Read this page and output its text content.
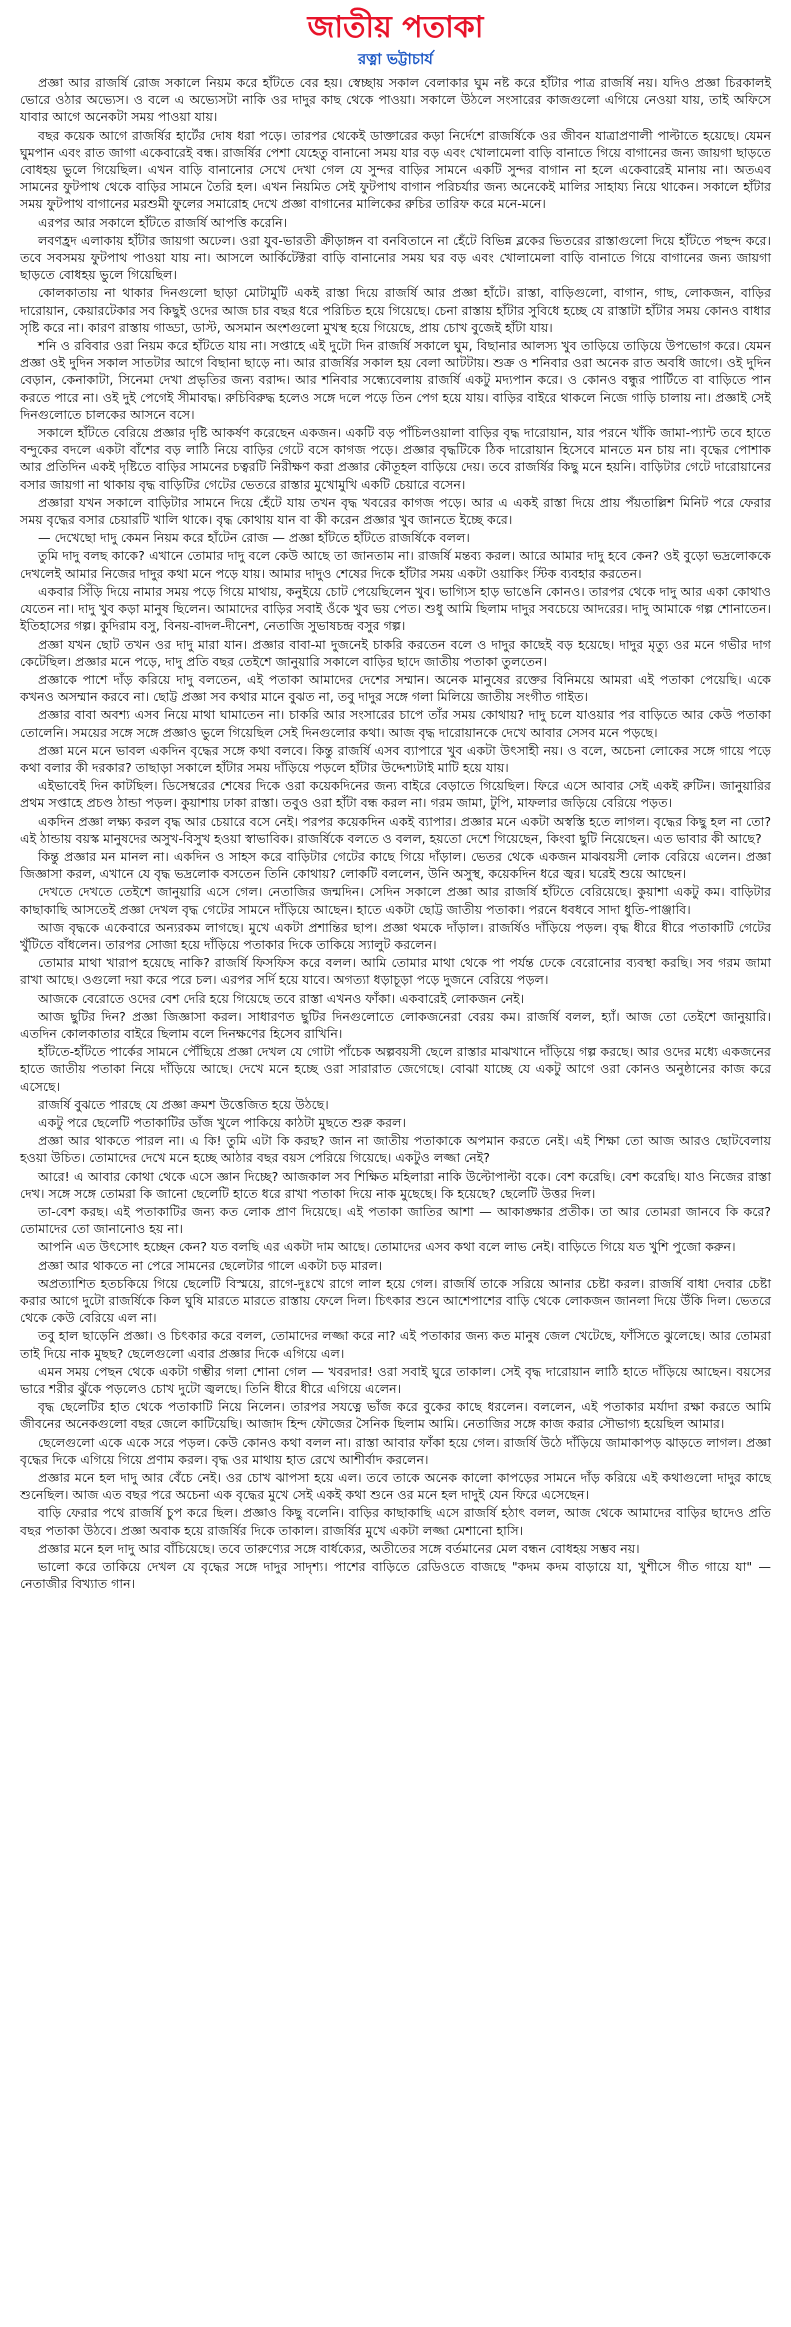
জাতীয় পতাকা
রত্না ভট্টাচার্য

প্রজ্ঞা আর রাজর্ষি রোজ সকালে নিয়ম করে হাঁটতে বের হয়। স্বেচ্ছায় সকাল বেলাকার ঘুম নষ্ট করে হাঁটার পাত্র রাজর্ষি নয়। যদিও প্রজ্ঞা চিরকালই ভোরে ওঠার অভ্যেস। ও বলে এ অভ্যেসটা নাকি ওর দাদুর কাছ থেকে পাওয়া। সকালে উঠলে সংসারের কাজগুলো এগিয়ে নেওয়া যায়, তাই অফিসে যাবার আগে অনেকটা সময় পাওয়া যায়।

বছর কয়েক আগে রাজর্ষির হার্টের দোষ ধরা পড়ে। তারপর থেকেই ডাক্তারের কড়া নির্দেশে রাজর্ষিকে ওর জীবন যাত্রাপ্রণালী পাল্টাতে হয়েছে। যেমন ঘুমপান এবং রাত জাগা একেবারেই বন্ধ। রাজর্ষির পেশা যেহেতু বানানো সময় যার বড় এবং খোলামেলা বাড়ি বানাতে গিয়ে বাগানের জন্য জায়গা ছাড়তে বোধহয় ভুলে গিয়েছিল। এখন বাড়ি বানানোর সেখে দেখা গেল যে সুন্দর বাড়ির সামনে একটি সুন্দর বাগান না হলে একেবারেই মানায় না। অতএব সামনের ফুটপাথ থেকে বাড়ির সামনে তৈরি হল। এখন নিয়মিত সেই ফুটপাথ বাগান পরিচর্যার জন্য অনেকেই মালির সাহায্য নিয়ে থাকেন। সকালে হাঁটার সময় ফুটপাথ বাগানের মরশুমী ফুলের সমারোহ দেখে প্রজ্ঞা বাগানের মালিকের রুচির তারিফ করে মনে-মনে।

এরপর আর সকালে হাঁটতে রাজর্ষি আপত্তি করেনি।

লবণহ্রদ এলাকায় হাঁটার জায়গা অঢেল। ওরা যুব-ভারতী ক্রীড়াঙ্গন বা বনবিতানে না হেঁটে বিভিন্ন ব্লকের ভিতরের রাস্তাগুলো দিয়ে হাঁটতে পছন্দ করে। তবে সবসময় ফুটপাথ পাওয়া যায় না। আসলে আর্কিটেক্টরা বাড়ি বানানোর সময় ঘর বড় এবং খোলামেলা বাড়ি বানাতে গিয়ে বাগানের জন্য জায়গা ছাড়তে বোধহয় ভুলে গিয়েছিল।

কোলকাতায় না থাকার দিনগুলো ছাড়া মোটামুটি একই রাস্তা দিয়ে রাজর্ষি আর প্রজ্ঞা হাঁটে। রাস্তা, বাড়িগুলো, বাগান, গাছ, লোকজন, বাড়ির দারোয়ান, কেয়ারটেকার সব কিছুই ওদের আজ চার বছর ধরে পরিচিত হয়ে গিয়েছে। চেনা রাস্তায় হাঁটার সুবিধে হচ্ছে যে রাস্তাটা হাঁটার সময় কোনও বাধার সৃষ্টি করে না। কারণ রাস্তায় গাড্ডা, ডাস্ট, অসমান অংশগুলো মুখস্থ হয়ে গিয়েছে, প্রায় চোখ বুজেই হাঁটা যায়।

শনি ও রবিবার ওরা নিয়ম করে হাঁটতে যায় না। সপ্তাহে এই দুটো দিন রাজর্ষি সকালে ঘুম, বিছানার আলস্য খুব তাড়িয়ে তাড়িয়ে উপভোগ করে। যেমন প্রজ্ঞা ওই দুদিন সকাল সাতটার আগে বিছানা ছাড়ে না। আর রাজর্ষির সকাল হয় বেলা আটটায়। শুক্র ও শনিবার ওরা অনেক রাত অবধি জাগে। ওই দুদিন বেড়ান, কেনাকাটা, সিনেমা দেখা প্রভৃতির জন্য বরাদ্দ। আর শনিবার সন্ধ্যেবেলায় রাজর্ষি একটু মদ্যপান করে। ও কোনও বন্ধুর পার্টিতে বা বাড়িতে পান করতে পারে না। ওই দুই পেগেই সীমাবদ্ধ। রুচিবিরুদ্ধ হলেও সঙ্গে দলে পড়ে তিন পেগ হয়ে যায়। বাড়ির বাইরে থাকলে নিজে গাড়ি চালায় না। প্রজ্ঞাই সেই দিনগুলোতে চালকের আসনে বসে।

সকালে হাঁটতে বেরিয়ে প্রজ্ঞার দৃষ্টি আকর্ষণ করেছেন একজন। একটি বড় পাঁচিলওয়ালা বাড়ির বৃদ্ধ দারোয়ান, যার পরনে খাঁকি জামা-প্যান্ট তবে হাতে বন্দুকের বদলে একটা বাঁশের বড় লাঠি নিয়ে বাড়ির গেটে বসে কাগজ পড়ে। প্রজ্ঞার বৃদ্ধটিকে ঠিক দারোয়ান হিসেবে মানতে মন চায় না। বৃদ্ধের পোশাক আর প্রতিদিন একই দৃষ্টিতে বাড়ির সামনের চত্বরটি নিরীক্ষণ করা প্রজ্ঞার কৌতূহল বাড়িয়ে দেয়। তবে রাজর্ষির কিছু মনে হয়নি। বাড়িটার গেটে দারোয়ানের বসার জায়গা না থাকায় বৃদ্ধ বাড়িটির গেটের ভেতরে রাস্তার মুখোমুখি একটি চেয়ারে বসেন।

প্রজ্ঞারা যখন সকালে বাড়িটার সামনে দিয়ে হেঁটে যায় তখন বৃদ্ধ খবরের কাগজ পড়ে। আর এ একই রাস্তা দিয়ে প্রায় পঁয়তাল্লিশ মিনিট পরে ফেরার সময় বৃদ্ধের বসার চেয়ারটি খালি থাকে। বৃদ্ধ কোথায় যান বা কী করেন প্রজ্ঞার খুব জানতে ইচ্ছে করে।

— দেখেছো দাদু কেমন নিয়ম করে হাঁটেন রোজ — প্রজ্ঞা হাঁটতে হাঁটতে রাজর্ষিকে বলল।

তুমি দাদু বলছ কাকে? এখানে তোমার দাদু বলে কেউ আছে তা জানতাম না। রাজর্ষি মন্তব্য করল। আরে আমার দাদু হবে কেন? ওই বুড়ো ভদ্রলোককে দেখলেই আমার নিজের দাদুর কথা মনে পড়ে যায়। আমার দাদুও শেষের দিকে হাঁটার সময় একটা ওয়াকিং স্টিক ব্যবহার করতেন।

একবার সিঁড়ি দিয়ে নামার সময় পড়ে গিয়ে মাথায়, কনুইয়ে চোট পেয়েছিলেন খুব। ভাগ্যিস হাড় ভাঙেনি কোনও। তারপর থেকে দাদু আর একা কোথাও যেতেন না। দাদু খুব কড়া মানুষ ছিলেন। আমাদের বাড়ির সবাই ওঁকে খুব ভয় পেত। শুধু আমি ছিলাম দাদুর সবচেয়ে আদরের। দাদু আমাকে গল্প শোনাতেন। ইতিহাসের গল্প। কুদিরাম বসু, বিনয়-বাদল-দীনেশ, নেতাজি সুভাষচন্দ্র বসুর গল্প।

প্রজ্ঞা যখন ছোট তখন ওর দাদু মারা যান। প্রজ্ঞার বাবা-মা দুজনেই চাকরি করতেন বলে ও দাদুর কাছেই বড় হয়েছে। দাদুর মৃত্যু ওর মনে গভীর দাগ কেটেছিল। প্রজ্ঞার মনে পড়ে, দাদু প্রতি বছর তেইশে জানুয়ারি সকালে বাড়ির ছাদে জাতীয় পতাকা তুলতেন।

প্রজ্ঞাকে পাশে দাঁড় করিয়ে দাদু বলতেন, এই পতাকা আমাদের দেশের সম্মান। অনেক মানুষের রক্তের বিনিময়ে আমরা এই পতাকা পেয়েছি। একে কখনও অসম্মান করবে না। ছোট্ট প্রজ্ঞা সব কথার মানে বুঝত না, তবু দাদুর সঙ্গে গলা মিলিয়ে জাতীয় সংগীত গাইত।

প্রজ্ঞার বাবা অবশ্য এসব নিয়ে মাথা ঘামাতেন না। চাকরি আর সংসারের চাপে তাঁর সময় কোথায়? দাদু চলে যাওয়ার পর বাড়িতে আর কেউ পতাকা তোলেনি। সময়ের সঙ্গে সঙ্গে প্রজ্ঞাও ভুলে গিয়েছিল সেই দিনগুলোর কথা। আজ বৃদ্ধ দারোয়ানকে দেখে আবার সেসব মনে পড়ছে।

প্রজ্ঞা মনে মনে ভাবল একদিন বৃদ্ধের সঙ্গে কথা বলবে। কিন্তু রাজর্ষি এসব ব্যাপারে খুব একটা উৎসাহী নয়। ও বলে, অচেনা লোকের সঙ্গে গায়ে পড়ে কথা বলার কী দরকার? তাছাড়া সকালে হাঁটার সময় দাঁড়িয়ে পড়লে হাঁটার উদ্দেশ্যটাই মাটি হয়ে যায়।

এইভাবেই দিন কাটছিল। ডিসেম্বরের শেষের দিকে ওরা কয়েকদিনের জন্য বাইরে বেড়াতে গিয়েছিল। ফিরে এসে আবার সেই একই রুটিন। জানুয়ারির প্রথম সপ্তাহে প্রচণ্ড ঠান্ডা পড়ল। কুয়াশায় ঢাকা রাস্তা। তবুও ওরা হাঁটা বন্ধ করল না। গরম জামা, টুপি, মাফলার জড়িয়ে বেরিয়ে পড়ত।

একদিন প্রজ্ঞা লক্ষ্য করল বৃদ্ধ আর চেয়ারে বসে নেই। পরপর কয়েকদিন একই ব্যাপার। প্রজ্ঞার মনে একটা অস্বস্তি হতে লাগল। বৃদ্ধের কিছু হল না তো? এই ঠান্ডায় বয়স্ক মানুষদের অসুখ-বিসুখ হওয়া স্বাভাবিক। রাজর্ষিকে বলতে ও বলল, হয়তো দেশে গিয়েছেন, কিংবা ছুটি নিয়েছেন। এত ভাবার কী আছে?

কিন্তু প্রজ্ঞার মন মানল না। একদিন ও সাহস করে বাড়িটার গেটের কাছে গিয়ে দাঁড়াল। ভেতর থেকে একজন মাঝবয়সী লোক বেরিয়ে এলেন। প্রজ্ঞা জিজ্ঞাসা করল, এখানে যে বৃদ্ধ ভদ্রলোক বসতেন তিনি কোথায়? লোকটি বললেন, উনি অসুস্থ, কয়েকদিন ধরে জ্বর। ঘরেই শুয়ে আছেন।

দেখতে দেখতে তেইশে জানুয়ারি এসে গেল। নেতাজির জন্মদিন। সেদিন সকালে প্রজ্ঞা আর রাজর্ষি হাঁটতে বেরিয়েছে। কুয়াশা একটু কম। বাড়িটার কাছাকাছি আসতেই প্রজ্ঞা দেখল বৃদ্ধ গেটের সামনে দাঁড়িয়ে আছেন। হাতে একটা ছোট্ট জাতীয় পতাকা। পরনে ধবধবে সাদা ধুতি-পাঞ্জাবি।

আজ বৃদ্ধকে একেবারে অন্যরকম লাগছে। মুখে একটা প্রশান্তির ছাপ। প্রজ্ঞা থমকে দাঁড়াল। রাজর্ষিও দাঁড়িয়ে পড়ল। বৃদ্ধ ধীরে ধীরে পতাকাটি গেটের খুঁটিতে বাঁধলেন। তারপর সোজা হয়ে দাঁড়িয়ে পতাকার দিকে তাকিয়ে স্যালুট করলেন।

তোমার মাথা খারাপ হয়েছে নাকি? রাজর্ষি ফিসফিস করে বলল। আমি তোমার মাথা থেকে পা পর্যন্ত ঢেকে বেরোনোর ব্যবস্থা করছি। সব গরম জামা রাখা আছে। ওগুলো দয়া করে পরে চল। এরপর সর্দি হয়ে যাবে। অগত্যা ধড়াচূড়া পড়ে দুজনে বেরিয়ে পড়ল।

আজকে বেরোতে ওদের বেশ দেরি হয়ে গিয়েছে তবে রাস্তা এখনও ফাঁকা। একবারেই লোকজন নেই।

আজ ছুটির দিন? প্রজ্ঞা জিজ্ঞাসা করল। সাধারণত ছুটির দিনগুলোতে লোকজনেরা বেরয় কম। রাজর্ষি বলল, হ্যাঁ। আজ তো তেইশে জানুয়ারি। এতদিন কোলকাতার বাইরে ছিলাম বলে দিনক্ষণের হিসেব রাখিনি।

হাঁটতে-হাঁটতে পার্কের সামনে পৌঁছিয়ে প্রজ্ঞা দেখল যে গোটা পাঁচেক অল্পবয়সী ছেলে রাস্তার মাঝখানে দাঁড়িয়ে গল্প করছে। আর ওদের মধ্যে একজনের হাতে জাতীয় পতাকা নিয়ে দাঁড়িয়ে আছে। দেখে মনে হচ্ছে ওরা সারারাত জেগেছে। বোঝা যাচ্ছে যে একটু আগে ওরা কোনও অনুষ্ঠানের কাজ করে এসেছে।

রাজর্ষি বুঝতে পারছে যে প্রজ্ঞা ক্রমশ উত্তেজিত হয়ে উঠছে।

একটু পরে ছেলেটি পতাকাটির ডাঁজ খুলে পাকিয়ে কাঠটা মুছতে শুরু করল।

প্রজ্ঞা আর থাকতে পারল না। এ কি! তুমি এটা কি করছ? জান না জাতীয় পতাকাকে অপমান করতে নেই। এই শিক্ষা তো আজ আরও ছোটবেলায় হওয়া উচিত। তোমাদের দেখে মনে হচ্ছে আঠার বছর বয়স পেরিয়ে গিয়েছে। একটুও লজ্জা নেই?

আরে! এ আবার কোথা থেকে এসে জ্ঞান দিচ্ছে? আজকাল সব শিক্ষিত মহিলারা নাকি উল্টোপাল্টা বকে। বেশ করেছি। বেশ করেছি। যাও নিজের রাস্তা দেখ। সঙ্গে সঙ্গে তোমরা কি জানো ছেলেটি হাতে ধরে রাখা পতাকা দিয়ে নাক মুছেছে। কি হয়েছে? ছেলেটি উত্তর দিল।

তা-বেশ করছ। এই পতাকাটির জন্য কত লোক প্রাণ দিয়েছে। এই পতাকা জাতির আশা — আকাঙ্ক্ষার প্রতীক। তা আর তোমরা জানবে কি করে? তোমাদের তো জানানোও হয় না।

আপনি এত উৎসোৎ হচ্ছেন কেন? যত বলছি এর একটা দাম আছে। তোমাদের এসব কথা বলে লাভ নেই। বাড়িতে গিয়ে যত খুশি পুজো করুন।

প্রজ্ঞা আর থাকতে না পেরে সামনের ছেলেটার গালে একটা চড় মারল।

অপ্রত্যাশিত হতচকিয়ে গিয়ে ছেলেটি বিস্ময়ে, রাগে-দুঃখে রাগে লাল হয়ে গেল। রাজর্ষি তাকে সরিয়ে আনার চেষ্টা করল। রাজর্ষি বাধা দেবার চেষ্টা করার আগে দুটো রাজর্ষিকে কিল ঘুষি মারতে মারতে রাস্তায় ফেলে দিল। চিৎকার শুনে আশেপাশের বাড়ি থেকে লোকজন জানলা দিয়ে উঁকি দিল। ভেতরে থেকে কেউ বেরিয়ে এল না।

তবু হাল ছাড়েনি প্রজ্ঞা। ও চিৎকার করে বলল, তোমাদের লজ্জা করে না? এই পতাকার জন্য কত মানুষ জেল খেটেছে, ফাঁসিতে ঝুলেছে। আর তোমরা তাই দিয়ে নাক মুছছ? ছেলেগুলো এবার প্রজ্ঞার দিকে এগিয়ে এল।

এমন সময় পেছন থেকে একটা গম্ভীর গলা শোনা গেল — খবরদার! ওরা সবাই ঘুরে তাকাল। সেই বৃদ্ধ দারোয়ান লাঠি হাতে দাঁড়িয়ে আছেন। বয়সের ভারে শরীর ঝুঁকে পড়লেও চোখ দুটো জ্বলছে। তিনি ধীরে ধীরে এগিয়ে এলেন।

বৃদ্ধ ছেলেটির হাত থেকে পতাকাটি নিয়ে নিলেন। তারপর সযত্নে ভাঁজ করে বুকের কাছে ধরলেন। বললেন, এই পতাকার মর্যাদা রক্ষা করতে আমি জীবনের অনেকগুলো বছর জেলে কাটিয়েছি। আজাদ হিন্দ ফৌজের সৈনিক ছিলাম আমি। নেতাজির সঙ্গে কাজ করার সৌভাগ্য হয়েছিল আমার।

ছেলেগুলো একে একে সরে পড়ল। কেউ কোনও কথা বলল না। রাস্তা আবার ফাঁকা হয়ে গেল। রাজর্ষি উঠে দাঁড়িয়ে জামাকাপড় ঝাড়তে লাগল। প্রজ্ঞা বৃদ্ধের দিকে এগিয়ে গিয়ে প্রণাম করল। বৃদ্ধ ওর মাথায় হাত রেখে আশীর্বাদ করলেন।

প্রজ্ঞার মনে হল দাদু আর বেঁচে নেই। ওর চোখ ঝাপসা হয়ে এল। তবে তাকে অনেক কালো কাপড়ের সামনে দাঁড় করিয়ে এই কথাগুলো দাদুর কাছে শুনেছিল। আজ এত বছর পরে অচেনা এক বৃদ্ধের মুখে সেই একই কথা শুনে ওর মনে হল দাদুই যেন ফিরে এসেছেন।

বাড়ি ফেরার পথে রাজর্ষি চুপ করে ছিল। প্রজ্ঞাও কিছু বলেনি। বাড়ির কাছাকাছি এসে রাজর্ষি হঠাৎ বলল, আজ থেকে আমাদের বাড়ির ছাদেও প্রতি বছর পতাকা উঠবে। প্রজ্ঞা অবাক হয়ে রাজর্ষির দিকে তাকাল। রাজর্ষির মুখে একটা লজ্জা মেশানো হাসি।

প্রজ্ঞার মনে হল দাদু আর বাঁচিয়েছে। তবে তারুণ্যের সঙ্গে বার্ধক্যের, অতীতের সঙ্গে বর্তমানের মেল বন্ধন বোধহয় সম্ভব নয়।

ভালো করে তাকিয়ে দেখল যে বৃদ্ধের সঙ্গে দাদুর সাদৃশ্য। পাশের বাড়িতে রেডিওতে বাজছে "কদম কদম বাড়ায়ে যা, খুশীসে গীত গায়ে যা" — নেতাজীর বিখ্যাত গান।
